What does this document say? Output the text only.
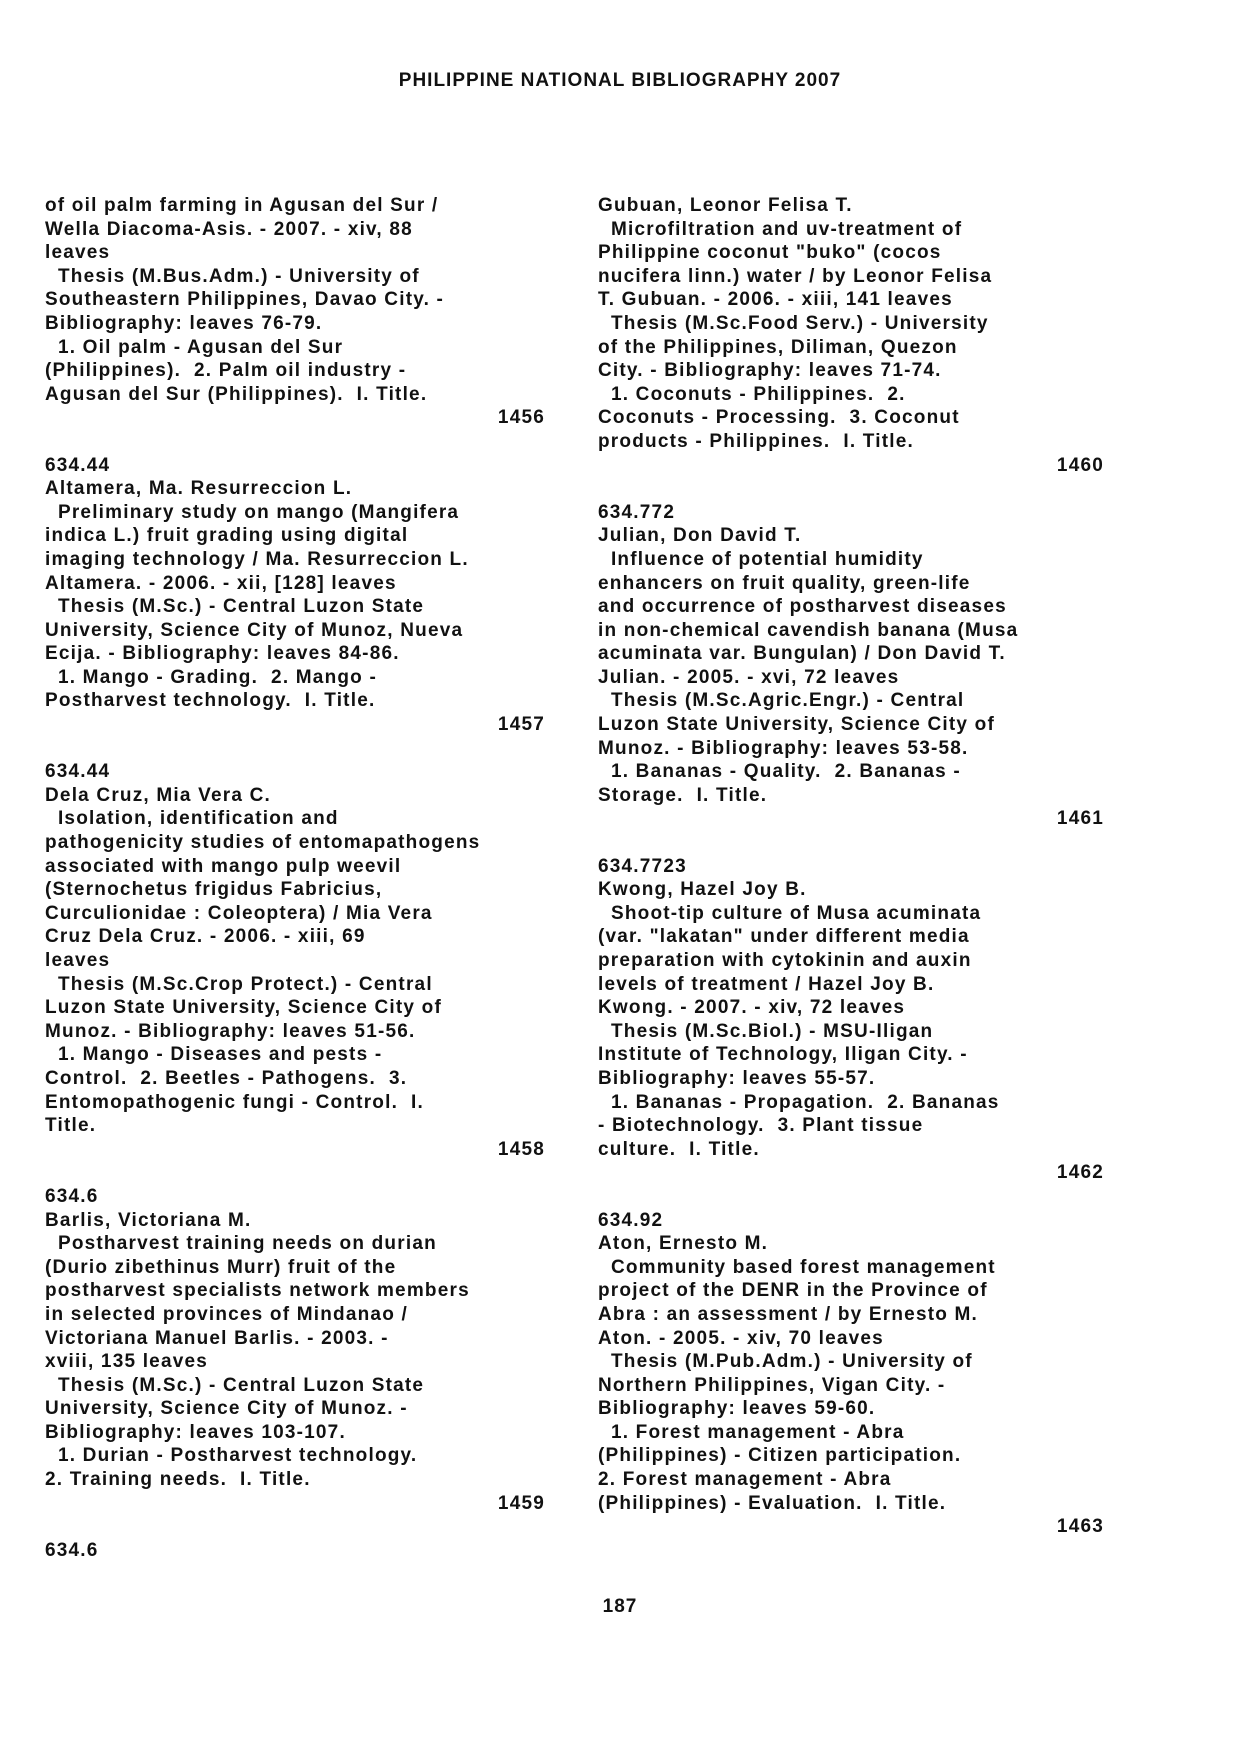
PHILIPPINE NATIONAL BIBLIOGRAPHY 2007
of oil palm farming in Agusan del Sur /
Wella Diacoma-Asis. - 2007. - xiv, 88
leaves
Thesis (M.Bus.Adm.) - University of
Southeastern Philippines, Davao City. -
Bibliography: leaves 76-79.
1. Oil palm - Agusan del Sur
(Philippines).  2. Palm oil industry -
Agusan del Sur (Philippines).  I. Title.
1456
634.44
Altamera, Ma. Resurreccion L.
Preliminary study on mango (Mangifera
indica L.) fruit grading using digital
imaging technology / Ma. Resurreccion L.
Altamera. - 2006. - xii, [128] leaves
Thesis (M.Sc.) - Central Luzon State
University, Science City of Munoz, Nueva
Ecija. - Bibliography: leaves 84-86.
1. Mango - Grading.  2. Mango -
Postharvest technology.  I. Title.
1457
634.44
Dela Cruz, Mia Vera C.
Isolation, identification and
pathogenicity studies of entomapathogens
associated with mango pulp weevil
(Sternochetus frigidus Fabricius,
Curculionidae : Coleoptera) / Mia Vera
Cruz Dela Cruz. - 2006. - xiii, 69
leaves
Thesis (M.Sc.Crop Protect.) - Central
Luzon State University, Science City of
Munoz. - Bibliography: leaves 51-56.
1. Mango - Diseases and pests -
Control.  2. Beetles - Pathogens.  3.
Entomopathogenic fungi - Control.  I.
Title.
1458
634.6
Barlis, Victoriana M.
Postharvest training needs on durian
(Durio zibethinus Murr) fruit of the
postharvest specialists network members
in selected provinces of Mindanao /
Victoriana Manuel Barlis. - 2003. -
xviii, 135 leaves
Thesis (M.Sc.) - Central Luzon State
University, Science City of Munoz. -
Bibliography: leaves 103-107.
1. Durian - Postharvest technology.
2. Training needs.  I. Title.
1459
634.6
Gubuan, Leonor Felisa T.
Microfiltration and uv-treatment of
Philippine coconut "buko" (cocos
nucifera linn.) water / by Leonor Felisa
T. Gubuan. - 2006. - xiii, 141 leaves
Thesis (M.Sc.Food Serv.) - University
of the Philippines, Diliman, Quezon
City. - Bibliography: leaves 71-74.
1. Coconuts - Philippines.  2.
Coconuts - Processing.  3. Coconut
products - Philippines.  I. Title.
1460
634.772
Julian, Don David T.
Influence of potential humidity
enhancers on fruit quality, green-life
and occurrence of postharvest diseases
in non-chemical cavendish banana (Musa
acuminata var. Bungulan) / Don David T.
Julian. - 2005. - xvi, 72 leaves
Thesis (M.Sc.Agric.Engr.) - Central
Luzon State University, Science City of
Munoz. - Bibliography: leaves 53-58.
1. Bananas - Quality.  2. Bananas -
Storage.  I. Title.
1461
634.7723
Kwong, Hazel Joy B.
Shoot-tip culture of Musa acuminata
(var. "lakatan" under different media
preparation with cytokinin and auxin
levels of treatment / Hazel Joy B.
Kwong. - 2007. - xiv, 72 leaves
Thesis (M.Sc.Biol.) - MSU-Iligan
Institute of Technology, Iligan City. -
Bibliography: leaves 55-57.
1. Bananas - Propagation.  2. Bananas
- Biotechnology.  3. Plant tissue
culture.  I. Title.
1462
634.92
Aton, Ernesto M.
Community based forest management
project of the DENR in the Province of
Abra : an assessment / by Ernesto M.
Aton. - 2005. - xiv, 70 leaves
Thesis (M.Pub.Adm.) - University of
Northern Philippines, Vigan City. -
Bibliography: leaves 59-60.
1. Forest management - Abra
(Philippines) - Citizen participation.
2. Forest management - Abra
(Philippines) - Evaluation.  I. Title.
1463
187
